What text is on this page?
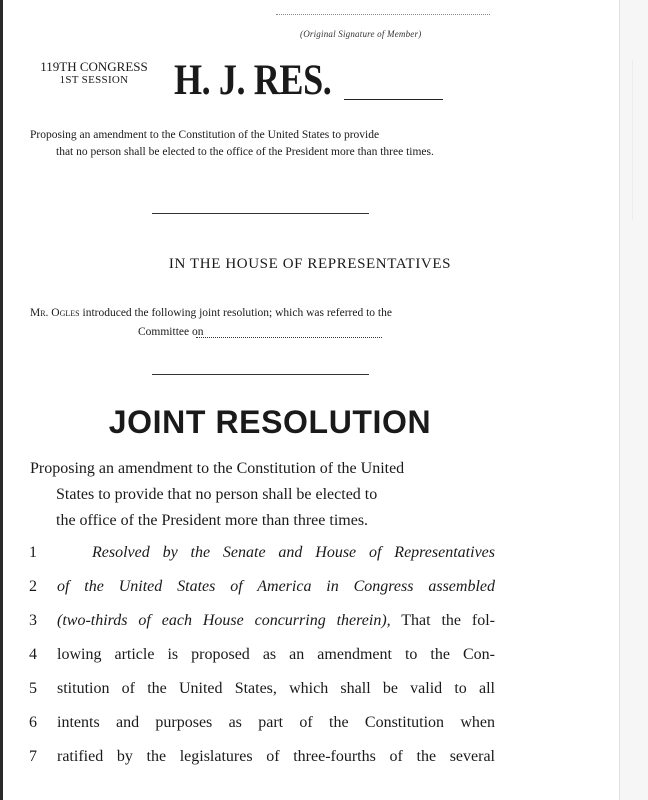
(Original Signature of Member)
119TH CONGRESS
1ST SESSION	H. J. RES.
Proposing an amendment to the Constitution of the United States to provide
that no person shall be elected to the office of the President more than three times.
IN THE HOUSE OF REPRESENTATIVES
Mr. Ogles introduced the following joint resolution; which was referred to the
Committee on
JOINT RESOLUTION
Proposing an amendment to the Constitution of the United
States to provide that no person shall be elected to
the office of the President more than three times.
1	Resolved by the Senate and House of Representatives
2	of the United States of America in Congress assembled
3	(two-thirds of each House concurring therein), That the fol-
4	lowing article is proposed as an amendment to the Con-
5	stitution of the United States, which shall be valid to all
6	intents and purposes as part of the Constitution when
7	ratified by the legislatures of three-fourths of the several
